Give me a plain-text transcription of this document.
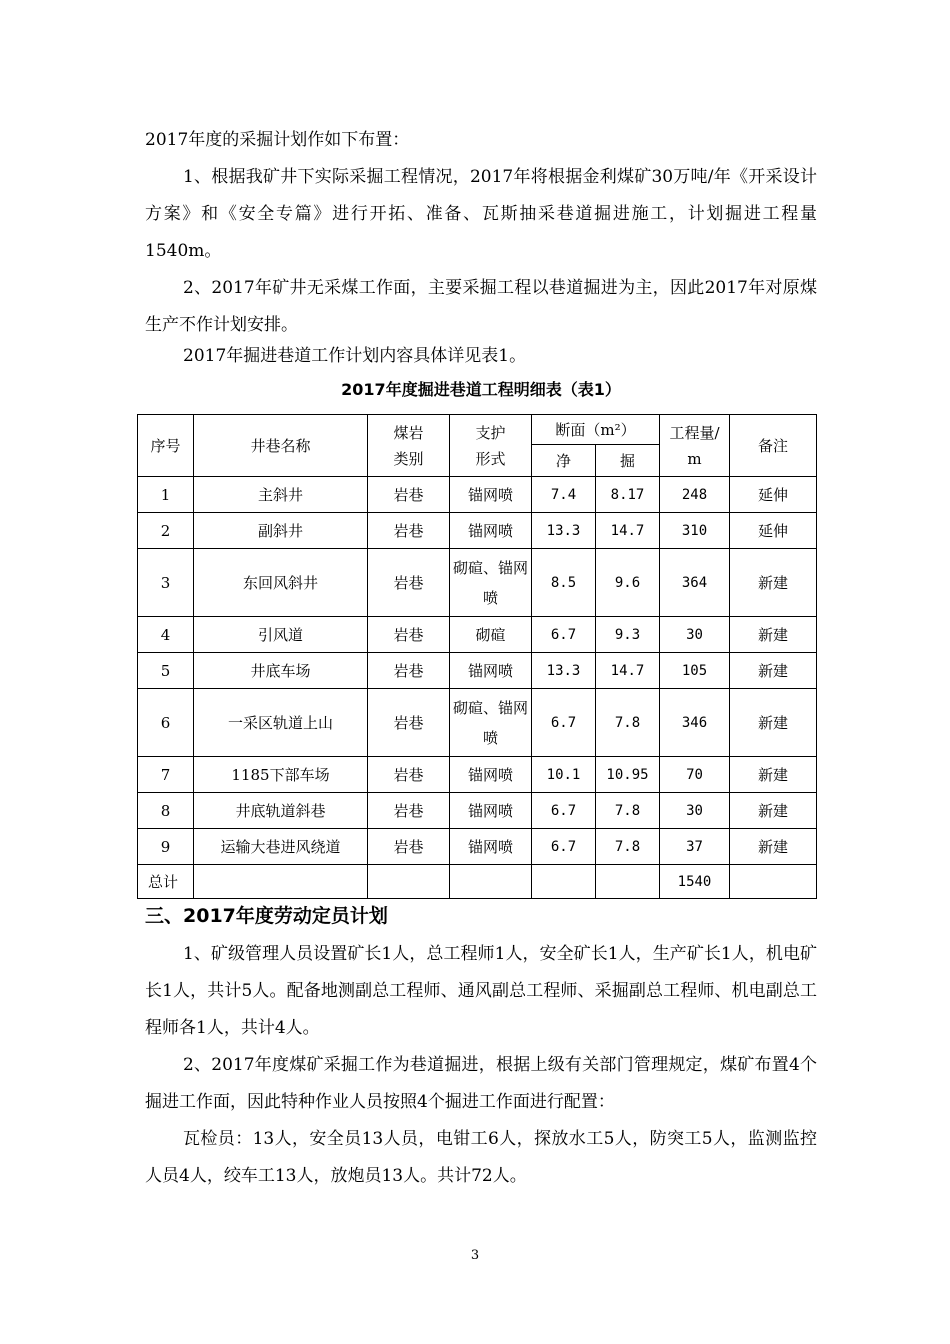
2017年度的采掘计划作如下布置：

1、根据我矿井下实际采掘工程情况，2017年将根据金利煤矿30万吨/年《开采设计方案》和《安全专篇》进行开拓、准备、瓦斯抽采巷道掘进施工，计划掘进工程量1540m。

2、2017年矿井无采煤工作面，主要采掘工程以巷道掘进为主，因此2017年对原煤生产不作计划安排。

2017年掘进巷道工作计划内容具体详见表1。

2017年度掘进巷道工程明细表（表1）
序号	井巷名称	煤岩类别	支护形式	断面（m²）		工程量/m	备注
				净	掘		
1	主斜井	岩巷	锚网喷	7.4	8.17	248	延伸
2	副斜井	岩巷	锚网喷	13.3	14.7	310	延伸
3	东回风斜井	岩巷	砌碹、锚网喷	8.5	9.6	364	新建
4	引风道	岩巷	砌碹	6.7	9.3	30	新建
5	井底车场	岩巷	锚网喷	13.3	14.7	105	新建
6	一采区轨道上山	岩巷	砌碹、锚网喷	6.7	7.8	346	新建
7	1185下部车场	岩巷	锚网喷	10.1	10.95	70	新建
8	井底轨道斜巷	岩巷	锚网喷	6.7	7.8	30	新建
9	运输大巷进风绕道	岩巷	锚网喷	6.7	7.8	37	新建
总计						1540	
三、2017年度劳动定员计划

1、矿级管理人员设置矿长1人，总工程师1人，安全矿长1人，生产矿长1人，机电矿长1人，共计5人。配备地测副总工程师、通风副总工程师、采掘副总工程师、机电副总工程师各1人，共计4人。

2、2017年度煤矿采掘工作为巷道掘进，根据上级有关部门管理规定，煤矿布置4个掘进工作面，因此特种作业人员按照4个掘进工作面进行配置：

瓦检员：13人，安全员13人员，电钳工6人，探放水工5人，防突工5人，监测监控人员4人，绞车工13人，放炮员13人。共计72人。

3
